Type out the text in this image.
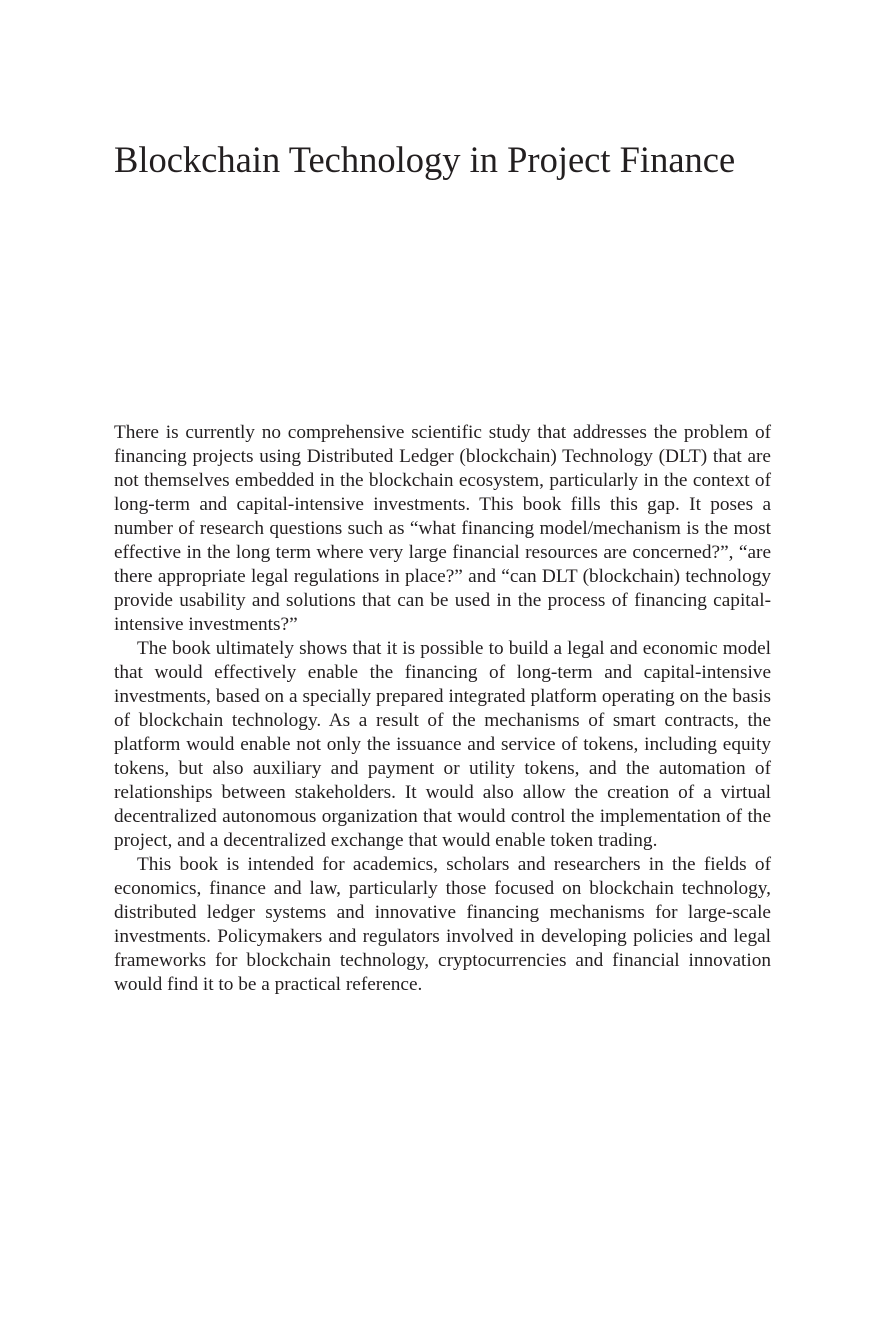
Blockchain Technology in Project Finance

There is currently no comprehensive scientific study that addresses the problem of financing projects using Distributed Ledger (blockchain) Technology (DLT) that are not themselves embedded in the blockchain ecosystem, particularly in the context of long-term and capital-intensive investments. This book fills this gap. It poses a number of research questions such as “what financing model/mechanism is the most effective in the long term where very large financial resources are concerned?”, “are there appropriate legal regulations in place?” and “can DLT (blockchain) technology provide usability and solutions that can be used in the process of financing capital-intensive investments?”

The book ultimately shows that it is possible to build a legal and economic model that would effectively enable the financing of long-term and capital-intensive investments, based on a specially prepared integrated platform operating on the basis of blockchain technology. As a result of the mechanisms of smart contracts, the platform would enable not only the issuance and service of tokens, including equity tokens, but also auxiliary and payment or utility tokens, and the automation of relationships between stakeholders. It would also allow the creation of a virtual decentralized autonomous organization that would control the implementation of the project, and a decentralized exchange that would enable token trading.

This book is intended for academics, scholars and researchers in the fields of economics, finance and law, particularly those focused on blockchain technology, distributed ledger systems and innovative financing mechanisms for large-scale investments. Policymakers and regulators involved in developing policies and legal frameworks for blockchain technology, cryptocurrencies and financial innovation would find it to be a practical reference.
